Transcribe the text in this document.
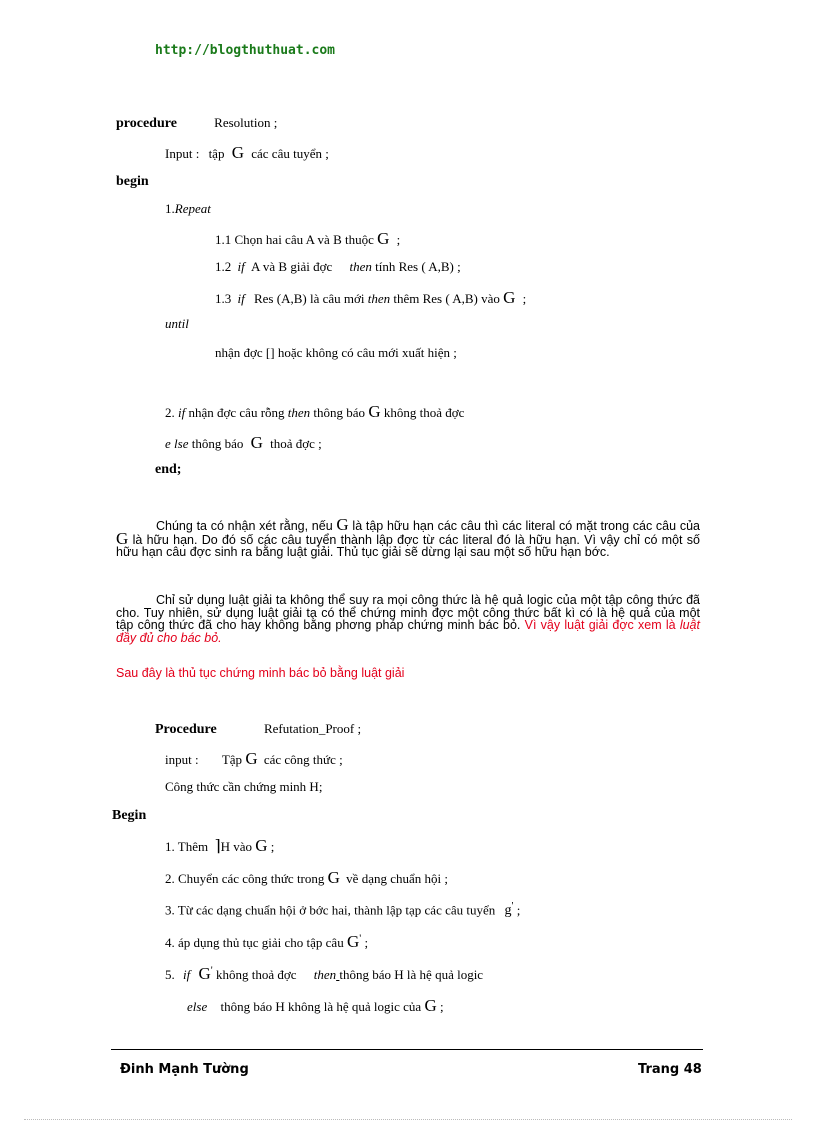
http://blogthuthuat.com
procedure	Resolution ;
Input : tập G các câu tuyển ;
begin
1.Repeat
1.1 Chọn hai câu A và B thuộc G ;
1.2 if A và B giải đợc then tính Res ( A,B) ;
1.3 if Res (A,B) là câu mới then thêm Res ( A,B) vào G ;
until
nhận đợc [] hoặc không có câu mới xuất hiện ;
2. if nhận đợc câu rỗng then thông báo G không thoả đợc
e lse thông báo G thoả đợc ;
end;
Chúng ta có nhận xét rằng, nếu G là tập hữu hạn các câu thì các literal có mặt trong các câu của G là hữu hạn. Do đó số các câu tuyển thành lập đợc từ các literal đó là hữu hạn. Vì vậy chỉ có một số hữu hạn câu đợc sinh ra bằng luật giải. Thủ tục giải sẽ dừng lại sau một số hữu hạn bớc.
Chỉ sử dụng luật giải ta không thể suy ra mọi công thức là hệ quả logic của một tập công thức đã cho. Tuy nhiên, sử dụng luật giải ta có thể chứng minh đợc một công thức bất kì có là hệ quả của một tập công thức đã cho hay không bằng phơng pháp chứng minh bác bỏ. Vì vậy luật giải đợc xem là luật đầy đủ cho bác bỏ.
Sau đây là thủ tục chứng minh bác bỏ bằng luật giải
Procedure	Refutation_Proof ;
input : Tập G các công thức ;
Công thức cần chứng minh H;
Begin
1. Thêm ⌉H vào G ;
2. Chuyển các công thức trong G về dạng chuẩn hội ;
3. Từ các dạng chuẩn hội ở bớc hai, thành lập tạp các câu tuyển g' ;
4. áp dụng thủ tục giải cho tập câu G' ;
5. if G' không thoả đợc then thông báo H là hệ quả logic
else thông báo H không là hệ quả logic của G ;
Đinh Mạnh Tường	Trang 48
